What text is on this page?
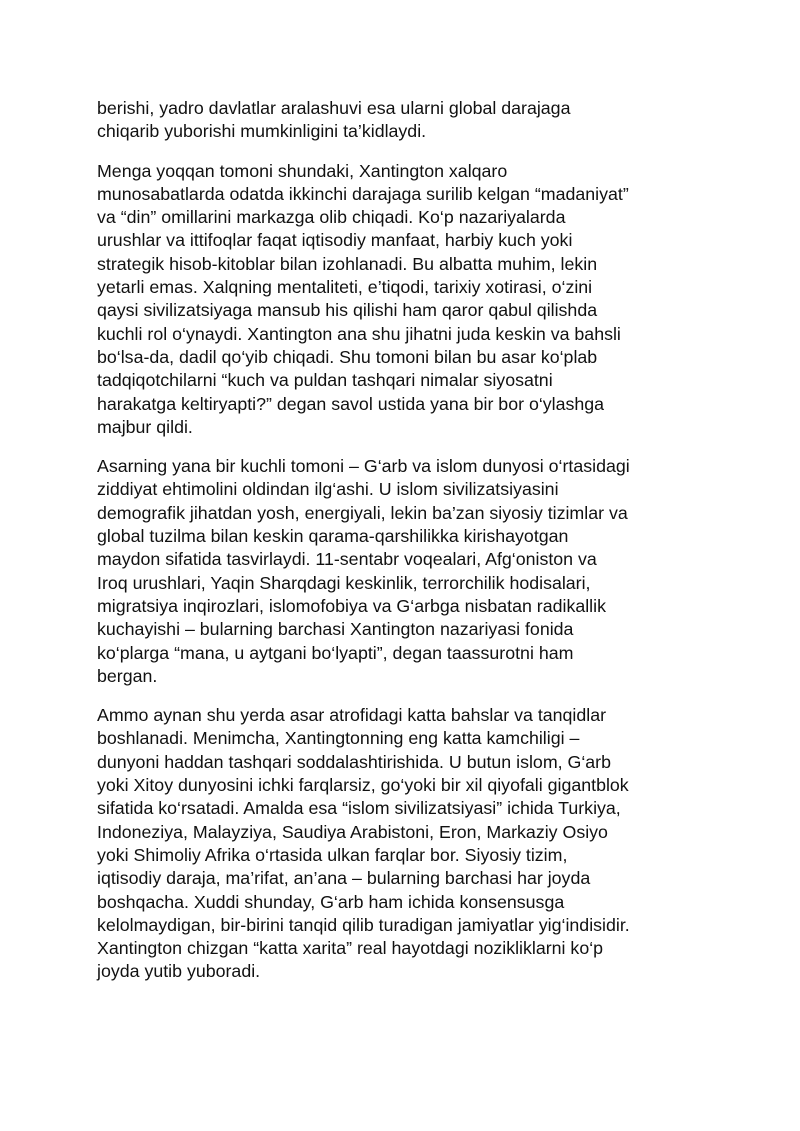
berishi, yadro davlatlar aralashuvi esa ularni global darajaga
chiqarib yuborishi mumkinligini ta’kidlaydi.

Menga yoqqan tomoni shundaki, Xantington xalqaro
munosabatlarda odatda ikkinchi darajaga surilib kelgan “madaniyat”
va “din” omillarini markazga olib chiqadi. Ko‘p nazariyalarda
urushlar va ittifoqlar faqat iqtisodiy manfaat, harbiy kuch yoki
strategik hisob-kitoblar bilan izohlanadi. Bu albatta muhim, lekin
yetarli emas. Xalqning mentaliteti, e’tiqodi, tarixiy xotirasi, o‘zini
qaysi sivilizatsiyaga mansub his qilishi ham qaror qabul qilishda
kuchli rol o‘ynaydi. Xantington ana shu jihatni juda keskin va bahsli
bo‘lsa-da, dadil qo‘yib chiqadi. Shu tomoni bilan bu asar ko‘plab
tadqiqotchilarni “kuch va puldan tashqari nimalar siyosatni
harakatga keltiryapti?” degan savol ustida yana bir bor o‘ylashga
majbur qildi.

Asarning yana bir kuchli tomoni – G‘arb va islom dunyosi o‘rtasidagi
ziddiyat ehtimolini oldindan ilg‘ashi. U islom sivilizatsiyasini
demografik jihatdan yosh, energiyali, lekin ba’zan siyosiy tizimlar va
global tuzilma bilan keskin qarama-qarshilikka kirishayotgan
maydon sifatida tasvirlaydi. 11-sentabr voqealari, Afg‘oniston va
Iroq urushlari, Yaqin Sharqdagi keskinlik, terrorchilik hodisalari,
migratsiya inqirozlari, islomofobiya va G‘arbga nisbatan radikallik
kuchayishi – bularning barchasi Xantington nazariyasi fonida
ko‘plarga “mana, u aytgani bo‘lyapti”, degan taassurotni ham
bergan.

Ammo aynan shu yerda asar atrofidagi katta bahslar va tanqidlar
boshlanadi. Menimcha, Xantingtonning eng katta kamchiligi –
dunyoni haddan tashqari soddalashtirishida. U butun islom, G‘arb
yoki Xitoy dunyosini ichki farqlarsiz, go‘yoki bir xil qiyofali gigantblok
sifatida ko‘rsatadi. Amalda esa “islom sivilizatsiyasi” ichida Turkiya,
Indoneziya, Malayziya, Saudiya Arabistoni, Eron, Markaziy Osiyo
yoki Shimoliy Afrika o‘rtasida ulkan farqlar bor. Siyosiy tizim,
iqtisodiy daraja, ma’rifat, an’ana – bularning barchasi har joyda
boshqacha. Xuddi shunday, G‘arb ham ichida konsensusga
kelolmaydigan, bir-birini tanqid qilib turadigan jamiyatlar yig‘indisidir.
Xantington chizgan “katta xarita” real hayotdagi nozikliklarni ko‘p
joyda yutib yuboradi.
